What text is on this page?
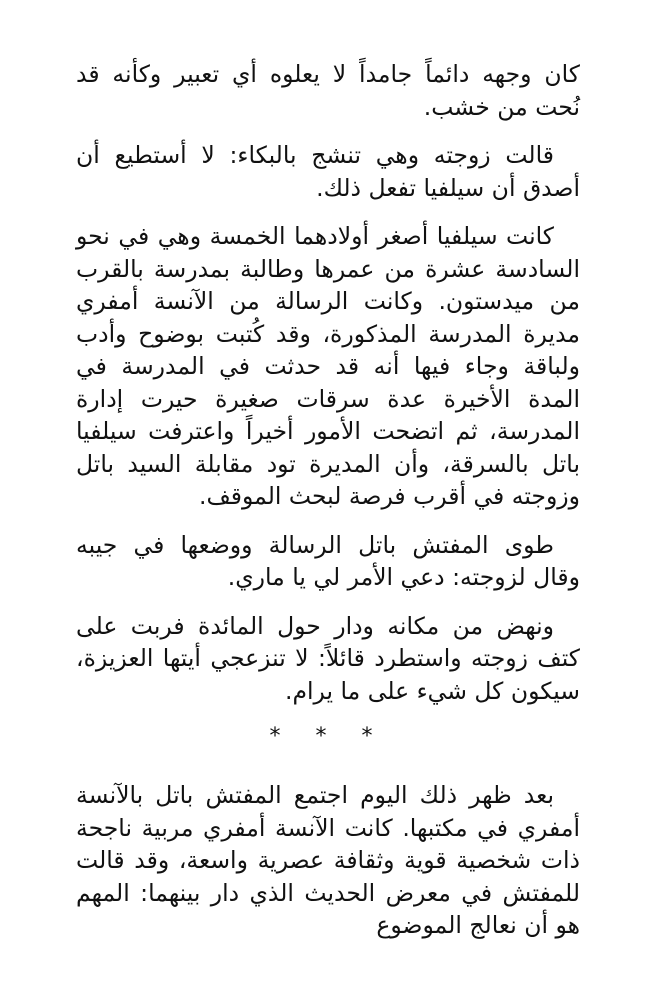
كان وجهه دائماً جامداً لا يعلوه أي تعبير وكأنه قد نُحت من خشب.

قالت زوجته وهي تنشج بالبكاء: لا أستطيع أن أصدق أن سيلفيا تفعل ذلك.

كانت سيلفيا أصغر أولادهما الخمسة وهي في نحو السادسة عشرة من عمرها وطالبة بمدرسة بالقرب من ميدستون. وكانت الرسالة من الآنسة أمفري مديرة المدرسة المذكورة، وقد كُتبت بوضوح وأدب ولباقة وجاء فيها أنه قد حدثت في المدرسة في المدة الأخيرة عدة سرقات صغيرة حيرت إدارة المدرسة، ثم اتضحت الأمور أخيراً واعترفت سيلفيا باتل بالسرقة، وأن المديرة تود مقابلة السيد باتل وزوجته في أقرب فرصة لبحث الموقف.

طوى المفتش باتل الرسالة ووضعها في جيبه وقال لزوجته: دعي الأمر لي يا ماري.

ونهض من مكانه ودار حول المائدة فربت على كتف زوجته واستطرد قائلاً: لا تنزعجي أيتها العزيزة، سيكون كل شيء على ما يرام.

* * *

بعد ظهر ذلك اليوم اجتمع المفتش باتل بالآنسة أمفري في مكتبها. كانت الآنسة أمفري مربية ناجحة ذات شخصية قوية وثقافة عصرية واسعة، وقد قالت للمفتش في معرض الحديث الذي دار بينهما: المهم هو أن نعالج الموضوع
